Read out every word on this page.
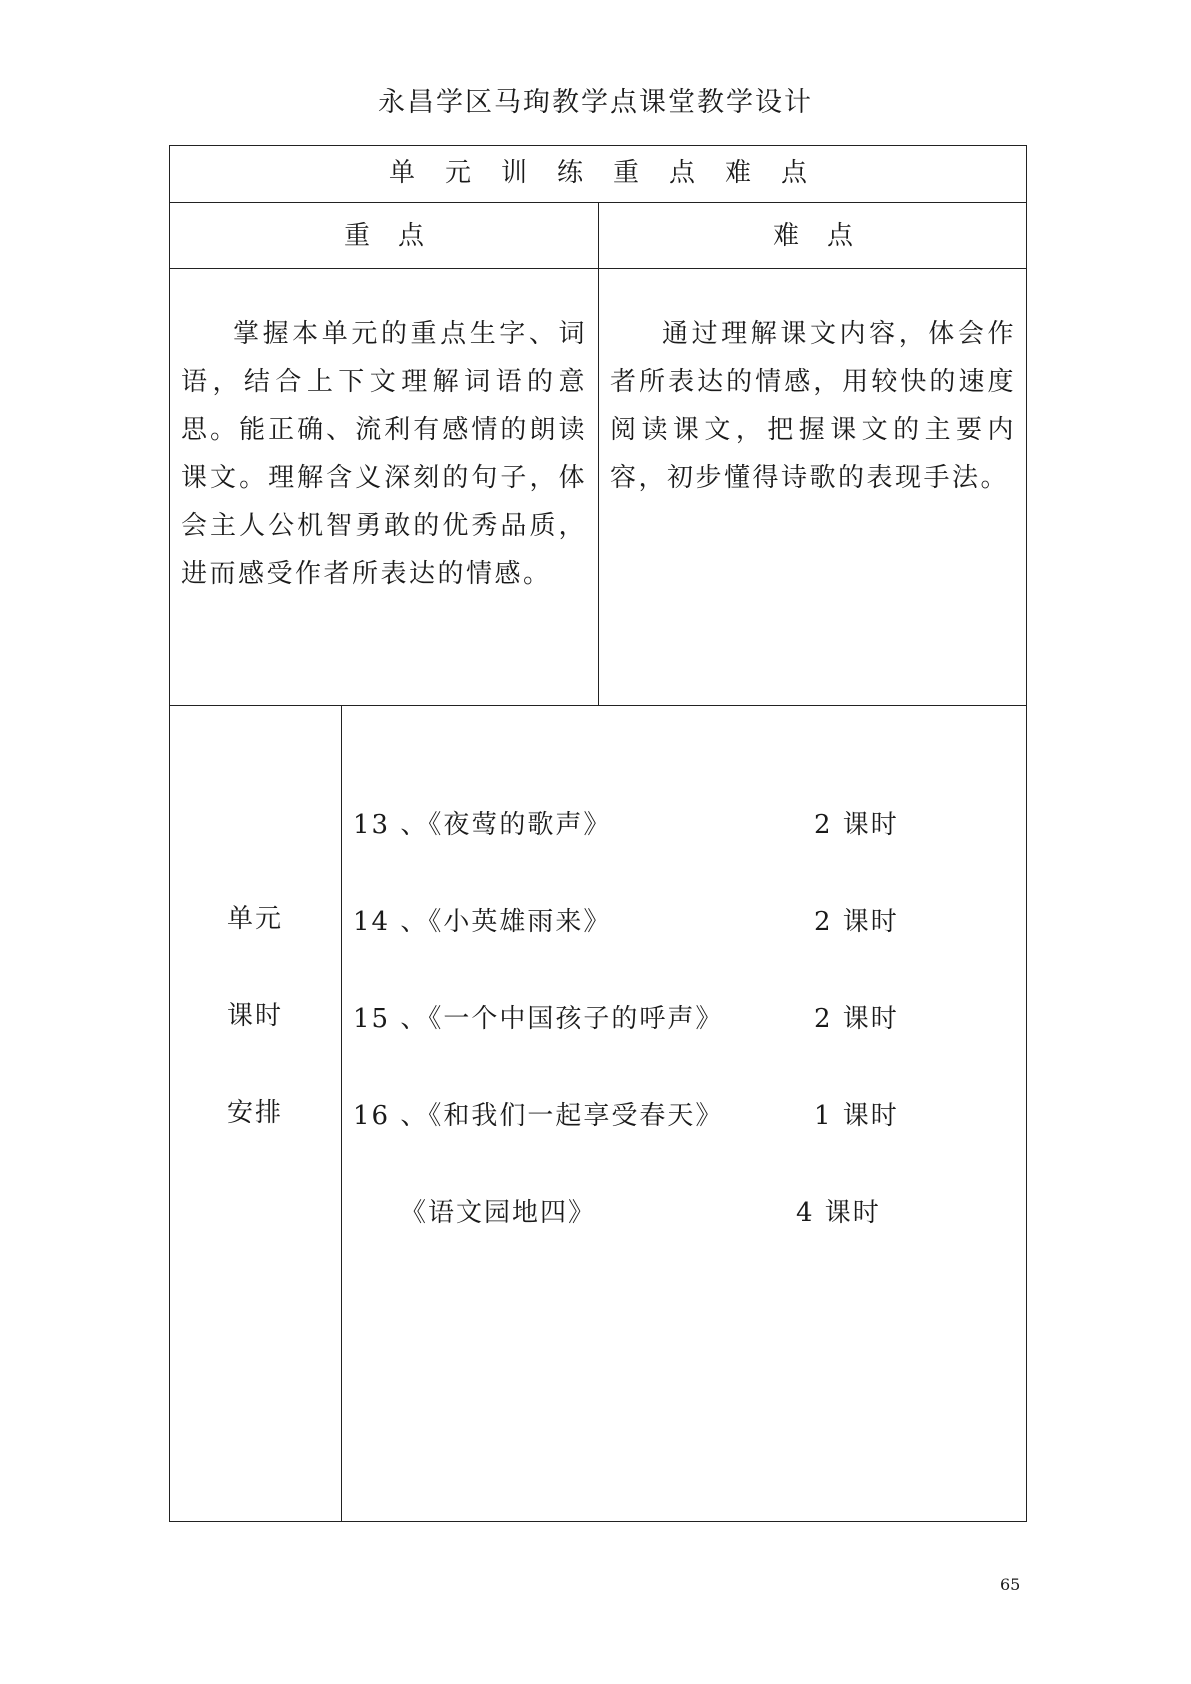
永昌学区马珣教学点课堂教学设计
单元训练重点难点
重点	难点
掌握本单元的重点生字、词语，结合上下文理解词语的意思。能正确、流利有感情的朗读课文。理解含义深刻的句子，体会主人公机智勇敢的优秀品质，进而感受作者所表达的情感。
通过理解课文内容，体会作者所表达的情感，用较快的速度阅读课文，把握课文的主要内容，初步懂得诗歌的表现手法。
单元
课时
安排
13 、《夜莺的歌声》	2 课时
14 、《小英雄雨来》	2 课时
15 、《一个中国孩子的呼声》	2 课时
16 、《和我们一起享受春天》	1 课时
《语文园地四》	4 课时
65
